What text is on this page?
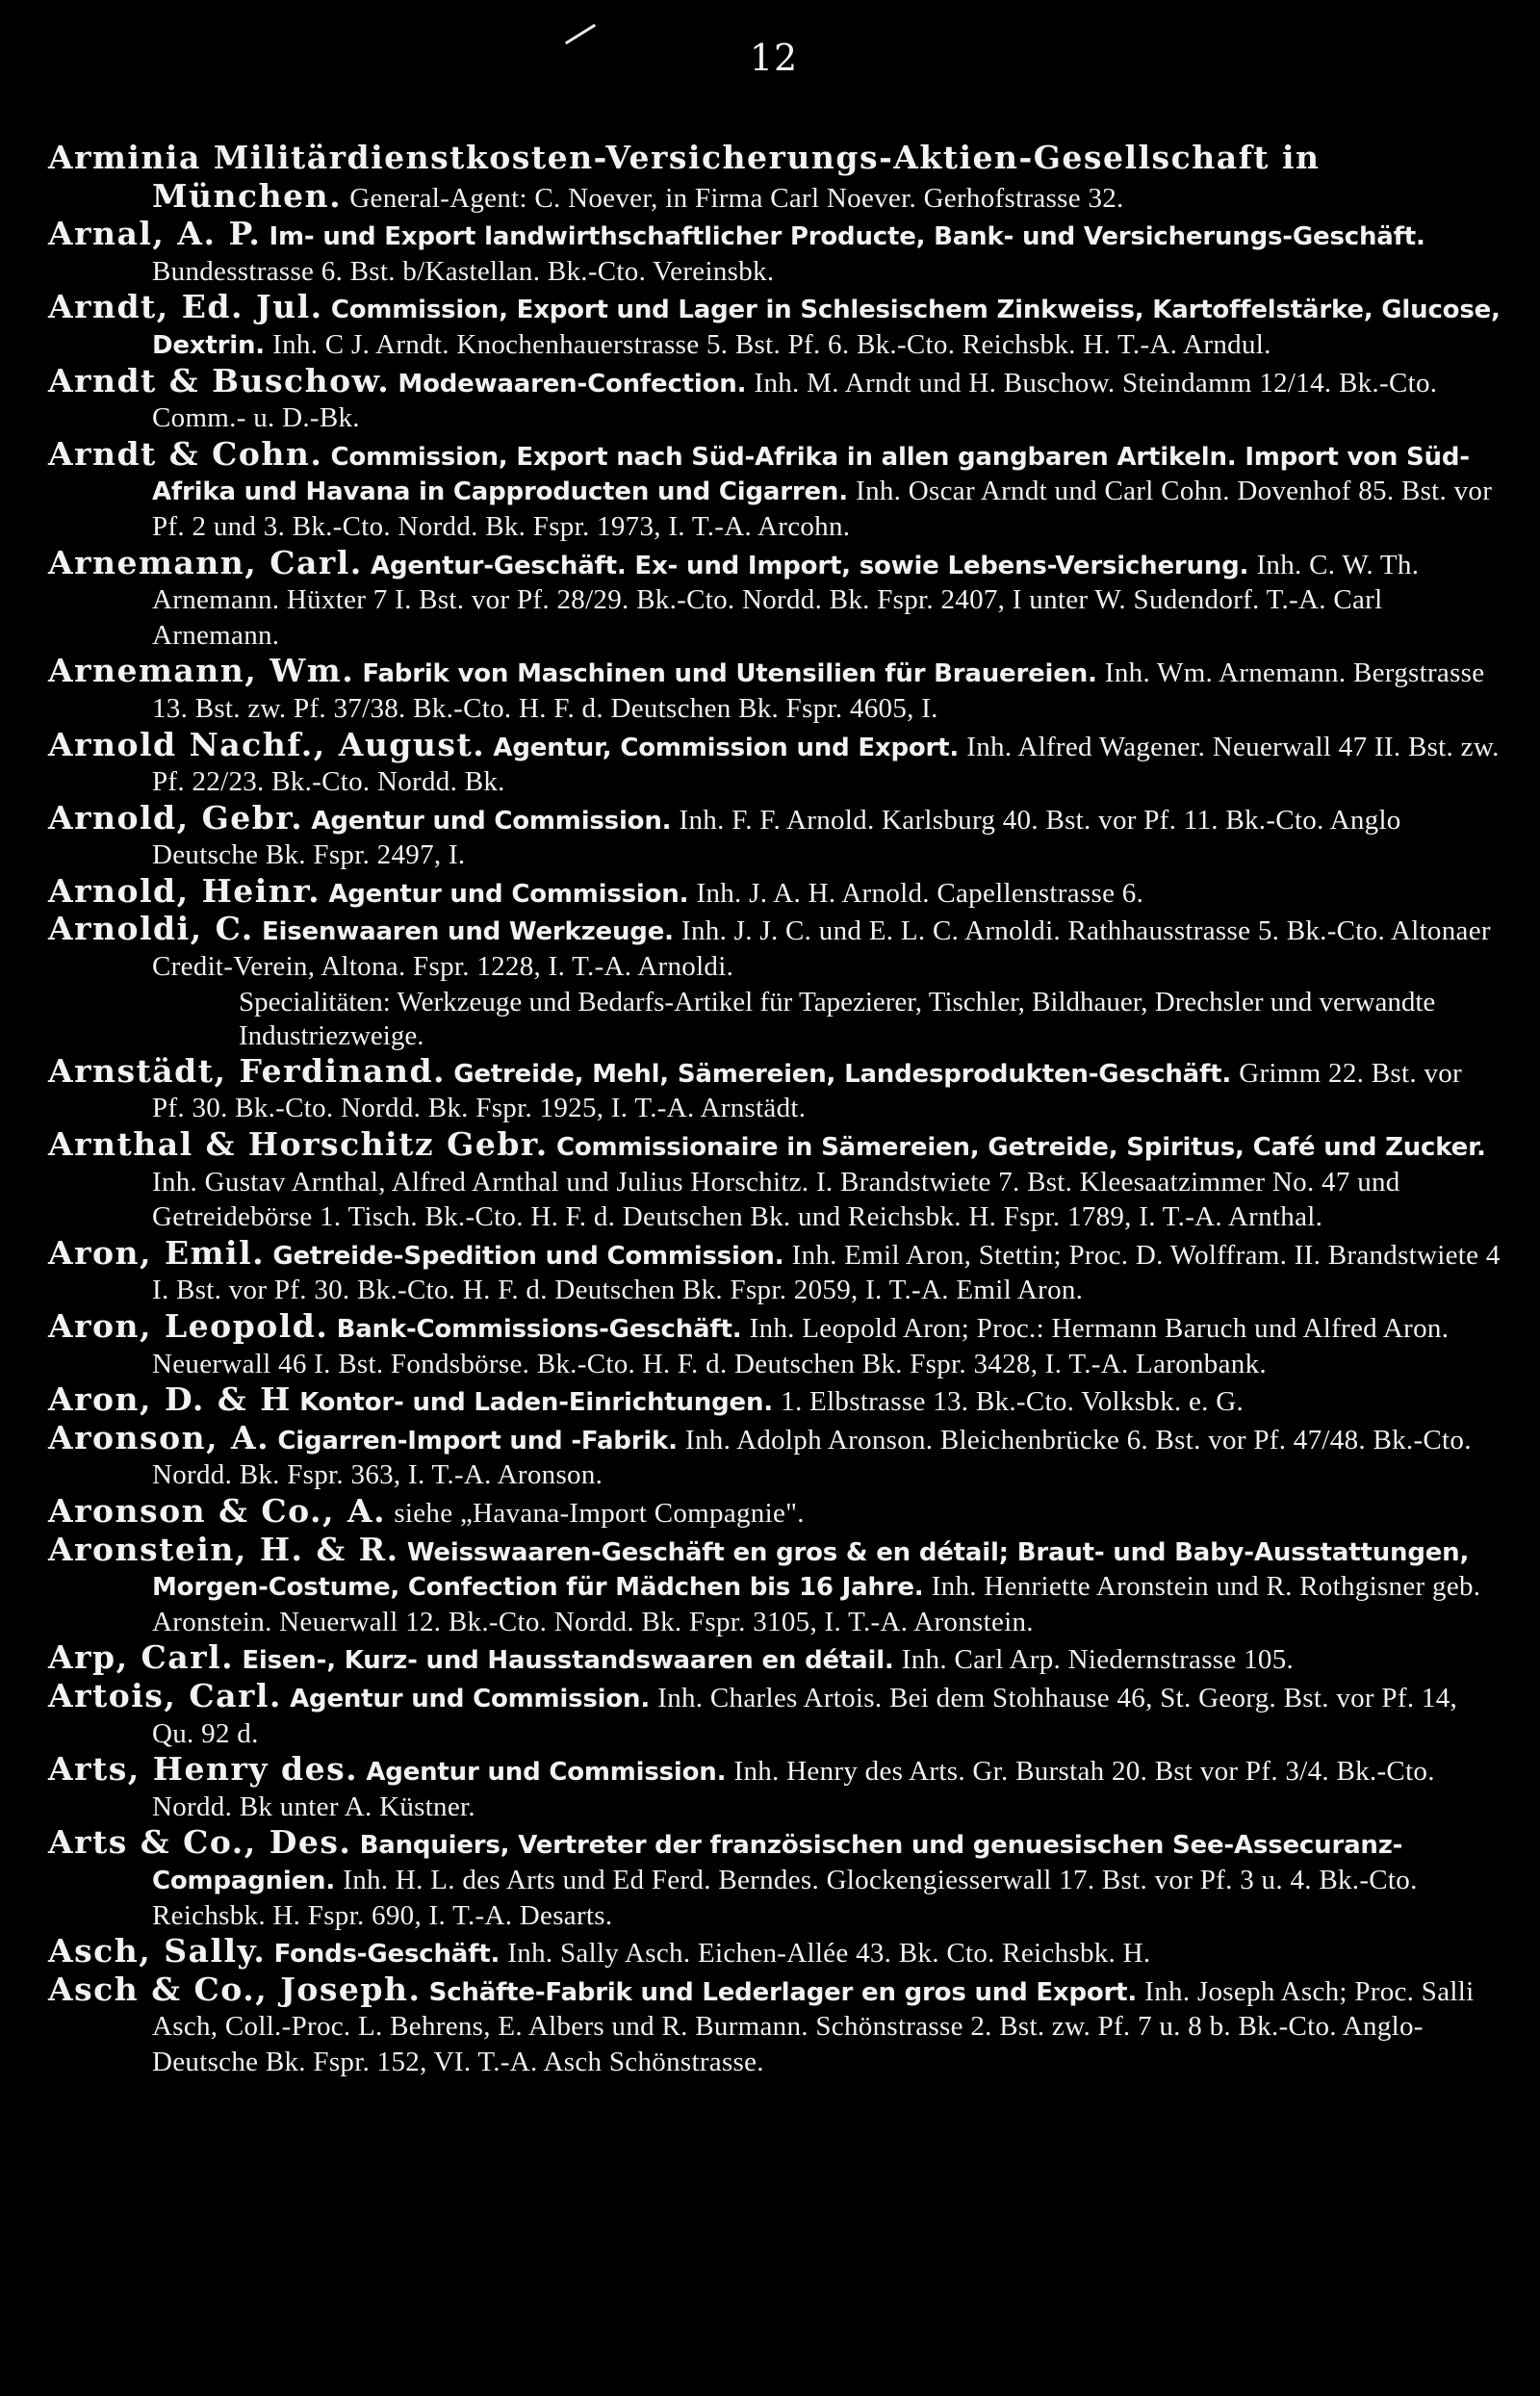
12

Arminia Militärdienstkosten-Versicherungs-Aktien-Gesellschaft in München. General-Agent: C. Noever, in Firma Carl Noever. Gerhofstrasse 32.

Arnal, A. P. Im- und Export landwirthschaftlicher Producte, Bank- und Versicherungs-Geschäft. Bundesstrasse 6. Bst. b/Kastellan. Bk.-Cto. Vereinsbk.

Arndt, Ed. Jul. Commission, Export und Lager in Schlesischem Zinkweiss, Kartoffelstärke, Glucose, Dextrin. Inh. C J. Arndt. Knochenhauerstrasse 5. Bst. Pf. 6. Bk.-Cto. Reichsbk. H. T.-A. Arndul.

Arndt & Buschow. Modewaaren-Confection. Inh. M. Arndt und H. Buschow. Steindamm 12/14. Bk.-Cto. Comm.- u. D.-Bk.

Arndt & Cohn. Commission, Export nach Süd-Afrika in allen gangbaren Artikeln. Import von Süd-Afrika und Havana in Capproducten und Cigarren. Inh. Oscar Arndt und Carl Cohn. Dovenhof 85. Bst. vor Pf. 2 und 3. Bk.-Cto. Nordd. Bk. Fspr. 1973, I. T.-A. Arcohn.

Arnemann, Carl. Agentur-Geschäft. Ex- und Import, sowie Lebens-Versicherung. Inh. C. W. Th. Arnemann. Hüxter 7 I. Bst. vor Pf. 28/29. Bk.-Cto. Nordd. Bk. Fspr. 2407, I unter W. Sudendorf. T.-A. Carl Arnemann.

Arnemann, Wm. Fabrik von Maschinen und Utensilien für Brauereien. Inh. Wm. Arnemann. Bergstrasse 13. Bst. zw. Pf. 37/38. Bk.-Cto. H. F. d. Deutschen Bk. Fspr. 4605, I.

Arnold Nachf., August. Agentur, Commission und Export. Inh. Alfred Wagener. Neuerwall 47 II. Bst. zw. Pf. 22/23. Bk.-Cto. Nordd. Bk.

Arnold, Gebr. Agentur und Commission. Inh. F. F. Arnold. Karlsburg 40. Bst. vor Pf. 11. Bk.-Cto. Anglo Deutsche Bk. Fspr. 2497, I.

Arnold, Heinr. Agentur und Commission. Inh. J. A. H. Arnold. Capellenstrasse 6.

Arnoldi, C. Eisenwaaren und Werkzeuge. Inh. J. J. C. und E. L. C. Arnoldi. Rathhausstrasse 5. Bk.-Cto. Altonaer Credit-Verein, Altona. Fspr. 1228, I. T.-A. Arnoldi.
Specialitäten: Werkzeuge und Bedarfs-Artikel für Tapezierer, Tischler, Bildhauer, Drechsler und verwandte Industriezweige.

Arnstädt, Ferdinand. Getreide, Mehl, Sämereien, Landesprodukten-Geschäft. Grimm 22. Bst. vor Pf. 30. Bk.-Cto. Nordd. Bk. Fspr. 1925, I. T.-A. Arnstädt.

Arnthal & Horschitz Gebr. Commissionaire in Sämereien, Getreide, Spiritus, Café und Zucker. Inh. Gustav Arnthal, Alfred Arnthal und Julius Horschitz. I. Brandstwiete 7. Bst. Kleesaatzimmer No. 47 und Getreidebörse 1. Tisch. Bk.-Cto. H. F. d. Deutschen Bk. und Reichsbk. H. Fspr. 1789, I. T.-A. Arnthal.

Aron, Emil. Getreide-Spedition und Commission. Inh. Emil Aron, Stettin; Proc. D. Wolffram. II. Brandstwiete 4 I. Bst. vor Pf. 30. Bk.-Cto. H. F. d. Deutschen Bk. Fspr. 2059, I. T.-A. Emil Aron.

Aron, Leopold. Bank-Commissions-Geschäft. Inh. Leopold Aron; Proc.: Hermann Baruch und Alfred Aron. Neuerwall 46 I. Bst. Fondsbörse. Bk.-Cto. H. F. d. Deutschen Bk. Fspr. 3428, I. T.-A. Laronbank.

Aron, D. & H Kontor- und Laden-Einrichtungen. 1. Elbstrasse 13. Bk.-Cto. Volksbk. e. G.

Aronson, A. Cigarren-Import und -Fabrik. Inh. Adolph Aronson. Bleichenbrücke 6. Bst. vor Pf. 47/48. Bk.-Cto. Nordd. Bk. Fspr. 363, I. T.-A. Aronson.

Aronson & Co., A. siehe „Havana-Import Compagnie".

Aronstein, H. & R. Weisswaaren-Geschäft en gros & en détail; Braut- und Baby-Ausstattungen, Morgen-Costume, Confection für Mädchen bis 16 Jahre. Inh. Henriette Aronstein und R. Rothgisner geb. Aronstein. Neuerwall 12. Bk.-Cto. Nordd. Bk. Fspr. 3105, I. T.-A. Aronstein.

Arp, Carl. Eisen-, Kurz- und Hausstandswaaren en détail. Inh. Carl Arp. Niedernstrasse 105.

Artois, Carl. Agentur und Commission. Inh. Charles Artois. Bei dem Stohhause 46, St. Georg. Bst. vor Pf. 14, Qu. 92 d.

Arts, Henry des. Agentur und Commission. Inh. Henry des Arts. Gr. Burstah 20. Bst vor Pf. 3/4. Bk.-Cto. Nordd. Bk unter A. Küstner.

Arts & Co., Des. Banquiers, Vertreter der französischen und genuesischen See-Assecuranz-Compagnien. Inh. H. L. des Arts und Ed Ferd. Berndes. Glockengiesserwall 17. Bst. vor Pf. 3 u. 4. Bk.-Cto. Reichsbk. H. Fspr. 690, I. T.-A. Desarts.

Asch, Sally. Fonds-Geschäft. Inh. Sally Asch. Eichen-Allée 43. Bk. Cto. Reichsbk. H.

Asch & Co., Joseph. Schäfte-Fabrik und Lederlager en gros und Export. Inh. Joseph Asch; Proc. Salli Asch, Coll.-Proc. L. Behrens, E. Albers und R. Burmann. Schönstrasse 2. Bst. zw. Pf. 7 u. 8 b. Bk.-Cto. Anglo-Deutsche Bk. Fspr. 152, VI. T.-A. Asch Schönstrasse.
